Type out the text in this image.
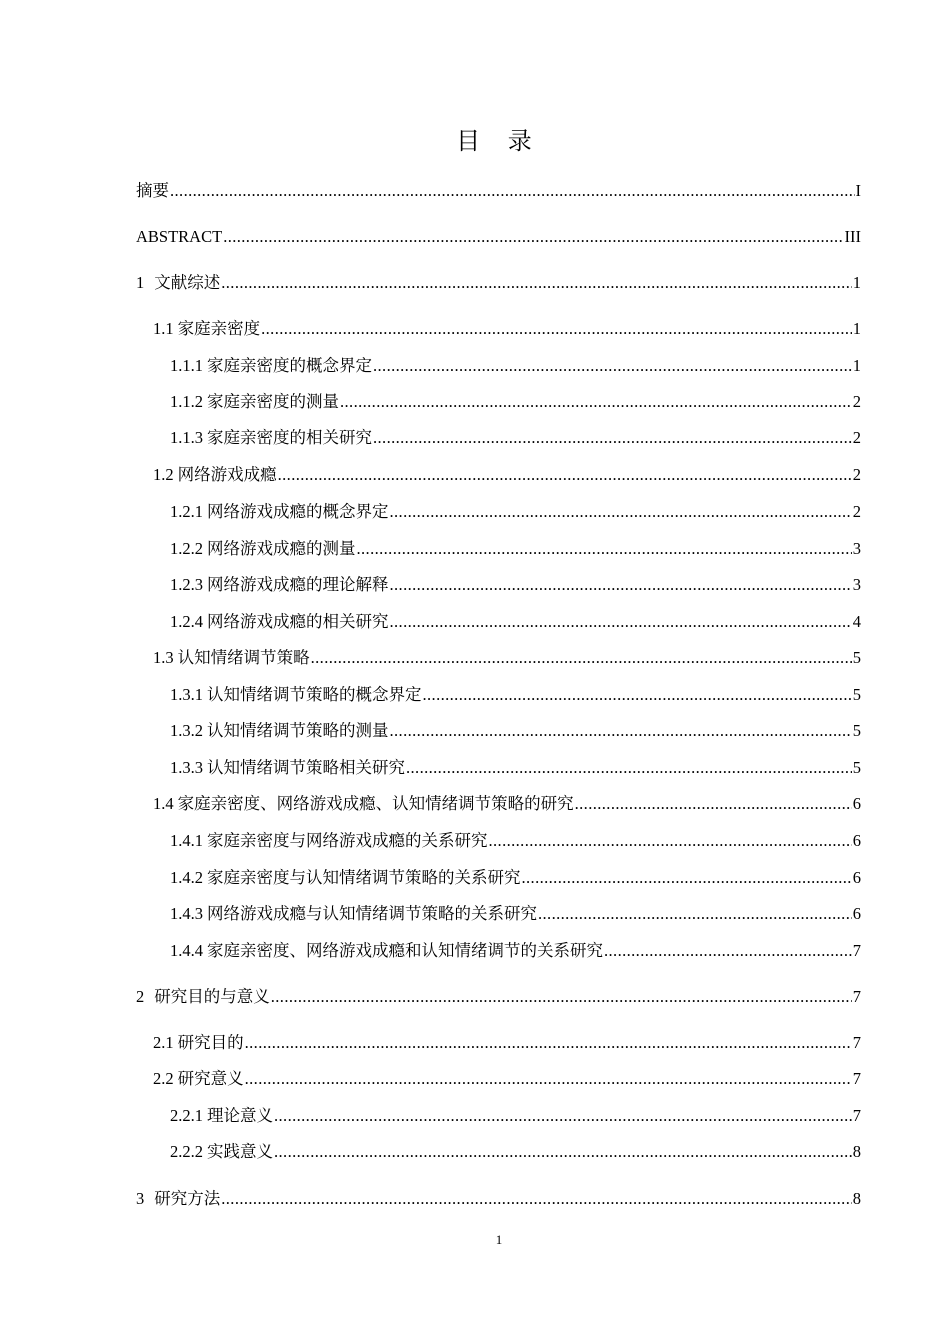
目 录
摘要 .....	I
ABSTRACT .....	III
1 文献综述 .....	1
1.1 家庭亲密度 .....	1
1.1.1 家庭亲密度的概念界定 .....	1
1.1.2 家庭亲密度的测量 .....	2
1.1.3 家庭亲密度的相关研究 .....	2
1.2 网络游戏成瘾 .....	2
1.2.1 网络游戏成瘾的概念界定 .....	2
1.2.2 网络游戏成瘾的测量 .....	3
1.2.3 网络游戏成瘾的理论解释 .....	3
1.2.4 网络游戏成瘾的相关研究 .....	4
1.3 认知情绪调节策略 .....	5
1.3.1 认知情绪调节策略的概念界定 .....	5
1.3.2 认知情绪调节策略的测量 .....	5
1.3.3 认知情绪调节策略相关研究 .....	5
1.4 家庭亲密度、网络游戏成瘾、认知情绪调节策略的研究 .....	6
1.4.1 家庭亲密度与网络游戏成瘾的关系研究 .....	6
1.4.2 家庭亲密度与认知情绪调节策略的关系研究 .....	6
1.4.3 网络游戏成瘾与认知情绪调节策略的关系研究 .....	6
1.4.4 家庭亲密度、网络游戏成瘾和认知情绪调节的关系研究 .....	7
2 研究目的与意义 .....	7
2.1 研究目的 .....	7
2.2 研究意义 .....	7
2.2.1 理论意义 .....	7
2.2.2 实践意义 .....	8
3 研究方法 .....	8
1
